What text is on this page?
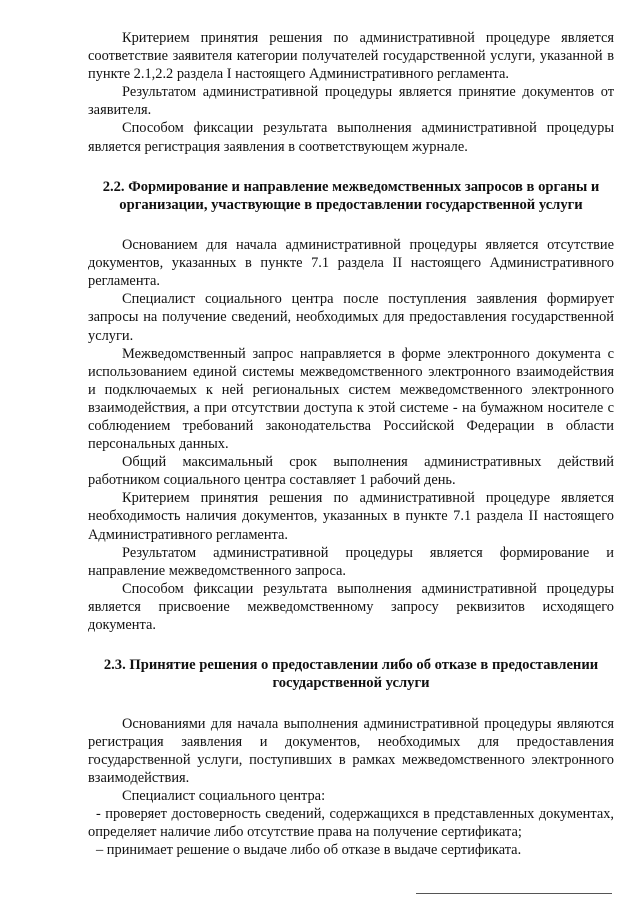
Критерием принятия решения по административной процедуре является соответствие заявителя категории получателей государственной услуги, указанной в пункте 2.1,2.2 раздела I настоящего Административного регламента.

Результатом административной процедуры является принятие документов от заявителя.

Способом фиксации результата выполнения административной процедуры является регистрация заявления в соответствующем журнале.

2.2. Формирование и направление межведомственных запросов в органы и организации, участвующие в предоставлении государственной услуги

Основанием для начала административной процедуры является отсутствие документов, указанных в пункте 7.1 раздела II настоящего Административного регламента.

Специалист социального центра после поступления заявления формирует запросы на получение сведений, необходимых для предоставления государственной услуги.

Межведомственный запрос направляется в форме электронного документа с использованием единой системы межведомственного электронного взаимодействия и подключаемых к ней региональных систем межведомственного электронного взаимодействия, а при отсутствии доступа к этой системе - на бумажном носителе с соблюдением требований законодательства Российской Федерации в области персональных данных.

Общий максимальный срок выполнения административных действий работником социального центра составляет 1 рабочий день.

Критерием принятия решения по административной процедуре является необходимость наличия документов, указанных в пункте 7.1 раздела II настоящего Административного регламента.

Результатом административной процедуры является формирование и направление межведомственного запроса.

Способом фиксации результата выполнения административной процедуры является присвоение межведомственному запросу реквизитов исходящего документа.

2.3. Принятие решения о предоставлении либо об отказе в предоставлении государственной услуги

Основаниями для начала выполнения административной процедуры являются регистрация заявления и документов, необходимых для предоставления государственной услуги, поступивших в рамках межведомственного электронного взаимодействия.

Специалист социального центра:

- проверяет достоверность сведений, содержащихся в представленных документах, определяет наличие либо отсутствие права на получение сертификата;

– принимает решение о выдаче либо об отказе в выдаче сертификата.
